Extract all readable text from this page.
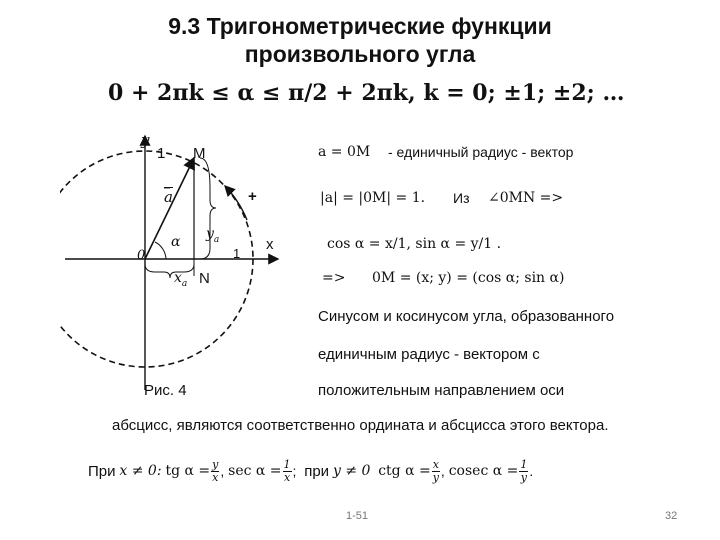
9.3 Тригонометрические функции
произвольного угла
0 + 2πk ≤ α ≤ π/2 + 2πk, k = 0; ±1; ±2; …
y
1 M
+
$\overline{a}$
α $y_a$
1
x
0
$x_a$ N
Рис. 4
a = 0M - единичный радиус - вектор
|a| = |0M| = 1. Из ∠0MN =>
cos α = x/1, sin α = y/1 .
=> 0M = (x; y) = (cos α; sin α)
Синусом и косинусом угла, образованного
единичным радиус - вектором с
положительным направлением оси
абсцисс, являются соответственно ордината и абсцисса этого вектора.
При
x ≠ 0:
tg $\alpha = \frac{y}{x}$ , $\sec \alpha = \frac{1}{x}$ ; при
y ≠ 0
ctg $\alpha = \frac{x}{y}$ , cosec $\alpha = \frac{1}{y}$ .
1-51	32
